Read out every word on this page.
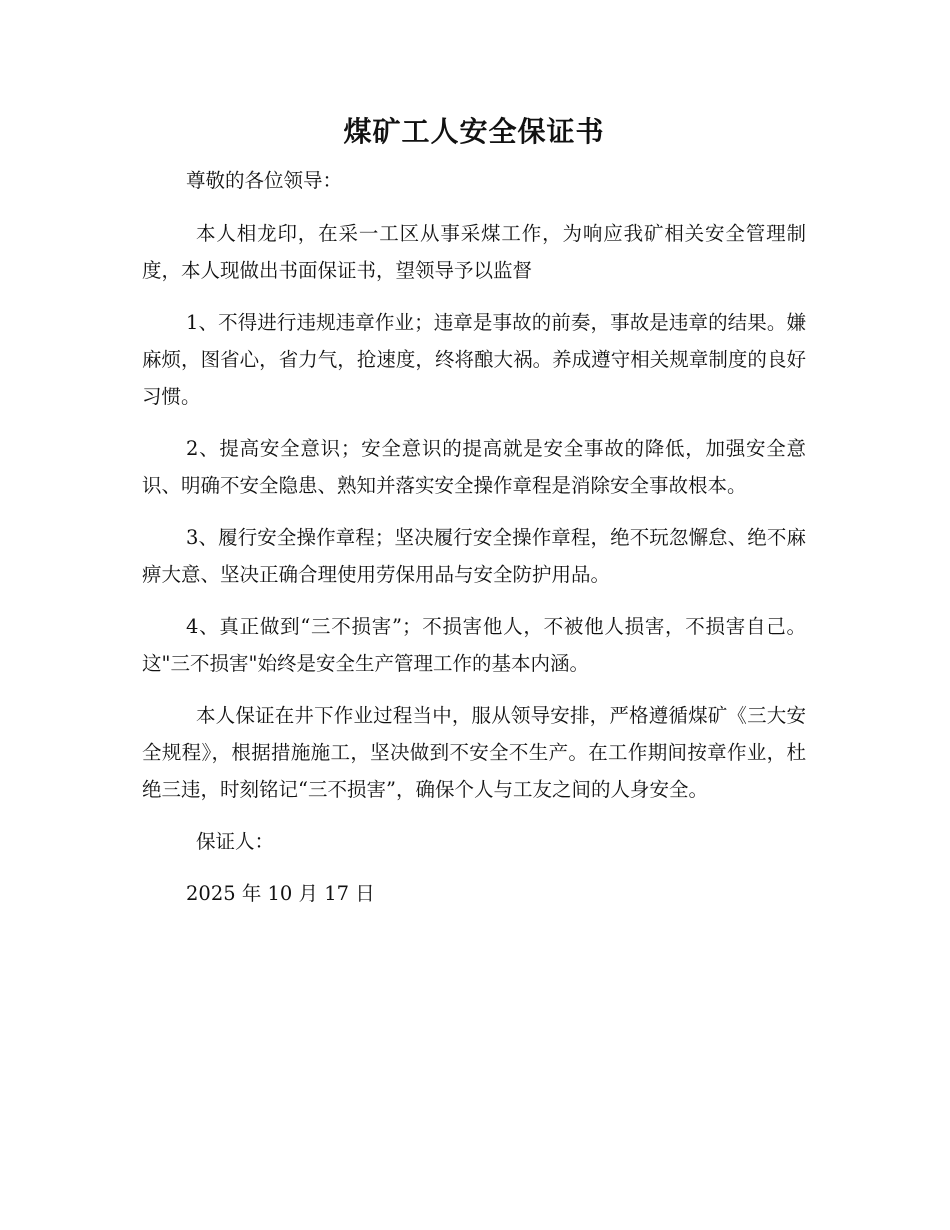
煤矿工人安全保证书
尊敬的各位领导：
本人相龙印，在采一工区从事采煤工作，为响应我矿相关安全管理制度，本人现做出书面保证书，望领导予以监督
1、不得进行违规违章作业；违章是事故的前奏，事故是违章的结果。嫌麻烦，图省心，省力气，抢速度，终将酿大祸。养成遵守相关规章制度的良好习惯。
2、提高安全意识；安全意识的提高就是安全事故的降低，加强安全意识、明确不安全隐患、熟知并落实安全操作章程是消除安全事故根本。
3、履行安全操作章程；坚决履行安全操作章程，绝不玩忽懈怠、绝不麻痹大意、坚决正确合理使用劳保用品与安全防护用品。
4、真正做到“三不损害”；不损害他人，不被他人损害，不损害自己。这"三不损害"始终是安全生产管理工作的基本内涵。
本人保证在井下作业过程当中，服从领导安排，严格遵循煤矿《三大安全规程》，根据措施施工，坚决做到不安全不生产。在工作期间按章作业，杜绝三违，时刻铭记“三不损害”，确保个人与工友之间的人身安全。
保证人：
2025 年 10 月 17 日
